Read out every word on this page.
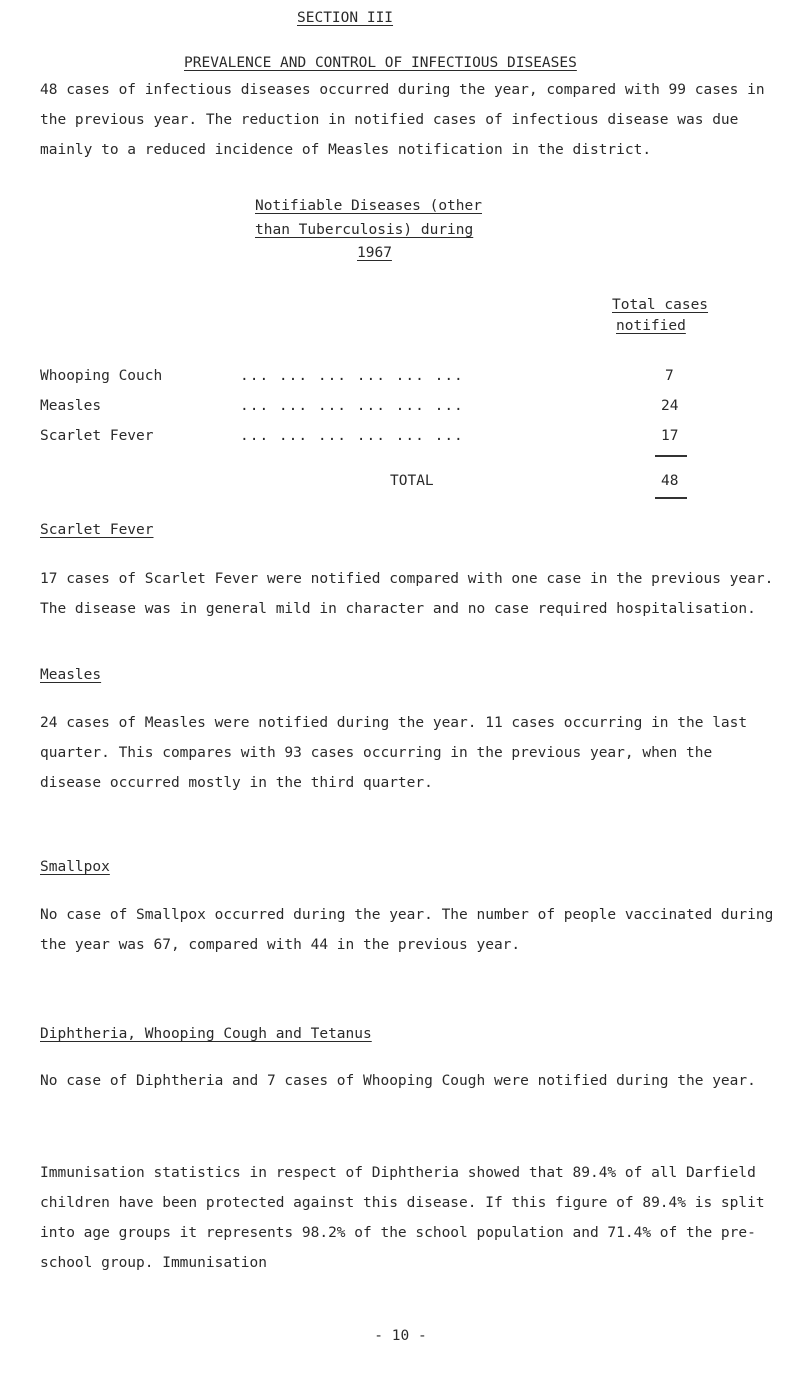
SECTION III
PREVALENCE AND CONTROL OF INFECTIOUS DISEASES

48 cases of infectious diseases occurred during the year, compared with 99 cases in the previous year. The reduction in notified cases of infectious disease was due mainly to a reduced incidence of Measles notification in the district.

Notifiable Diseases (other
than Tuberculosis) during
1967
Total cases
notified
Whooping Couch	... ... ... ... ... ...	7
Measles	... ... ... ... ... ...	24
Scarlet Fever	... ... ... ... ... ...	17
TOTAL	48
Scarlet Fever

17 cases of Scarlet Fever were notified compared with one case in the previous year. The disease was in general mild in character and no case required hospitalisation.

Measles

24 cases of Measles were notified during the year. 11 cases occurring in the last quarter. This compares with 93 cases occurring in the previous year, when the disease occurred mostly in the third quarter.

Smallpox

No case of Smallpox occurred during the year. The number of people vaccinated during the year was 67, compared with 44 in the previous year.

Diphtheria, Whooping Cough and Tetanus

No case of Diphtheria and 7 cases of Whooping Cough were notified during the year.

Immunisation statistics in respect of Diphtheria showed that 89.4% of all Darfield children have been protected against this disease. If this figure of 89.4% is split into age groups it represents 98.2% of the school population and 71.4% of the pre-school group. Immunisation

- 10 -
